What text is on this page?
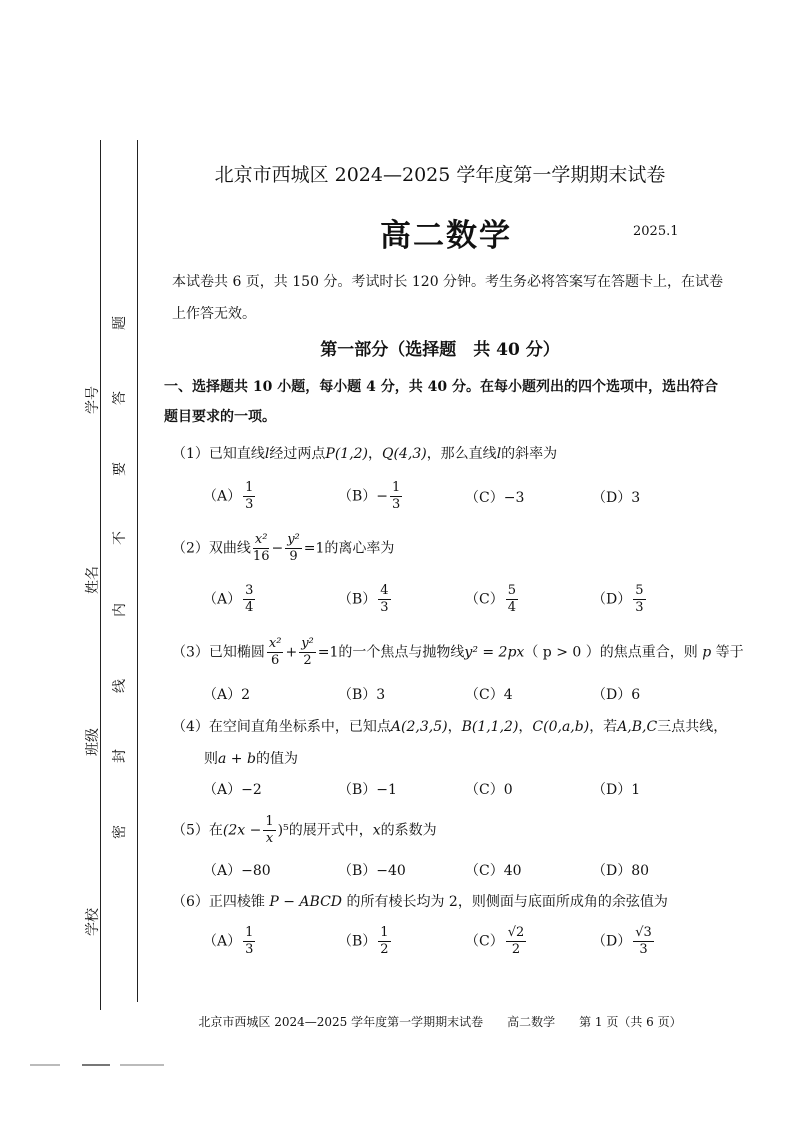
学号
姓名
班级
学校
题
答
要
不
内
线
封
密
北京市西城区 2024—2025 学年度第一学期期末试卷
高二数学	2025.1
本试卷共 6 页，共 150 分。考试时长 120 分钟。考生务必将答案写在答题卡上，在试卷上作答无效。
第一部分（选择题　共 40 分）
一、选择题共 10 小题，每小题 4 分，共 40 分。在每小题列出的四个选项中，选出符合题目要求的一项。
（1）已知直线l经过两点P(1,2)，Q(4,3)，那么直线l的斜率为
$(A) \frac{1}{3}$	$(B)- \frac{1}{3}$	（C）−3	（D）3
（2）双曲线 $\frac{\text{x²}}{16} - \frac{\text{y²}}{9} =1$的离心率为
$(A) \frac{3}{4}$	$(B) \frac{4}{3}$	$(C) \frac{5}{4}$	$(D) \frac{5}{3}$
（3）已知椭圆 $\frac{\text{x²}}{6} + \frac{\text{y²}}{2} =1$的一个焦点与抛物线y² = 2px（ p > 0 ）的焦点重合，则 p 等于
（A）2	（B）3	（C）4	（D）6
（4）在空间直角坐标系中，已知点A(2,3,5)，B(1,1,2)，C(0,a,b)，若A,B,C三点共线，
则a + b的值为
（A）−2	（B）−1	（C）0	（D）1
（5）在$(2x - \frac{1}{x} )^5$的展开式中，x的系数为
（A）−80	（B）−40	（C）40	（D）80
（6）正四棱锥 P − ABCD 的所有棱长均为 2，则侧面与底面所成角的余弦值为
$(A) \frac{1}{3}$	$(B) \frac{1}{2}$	$(C) \frac{√2}{2}$	$(D) \frac{√3}{3}$
北京市西城区 2024—2025 学年度第一学期期末试卷　　高二数学　　第 1 页（共 6 页）
